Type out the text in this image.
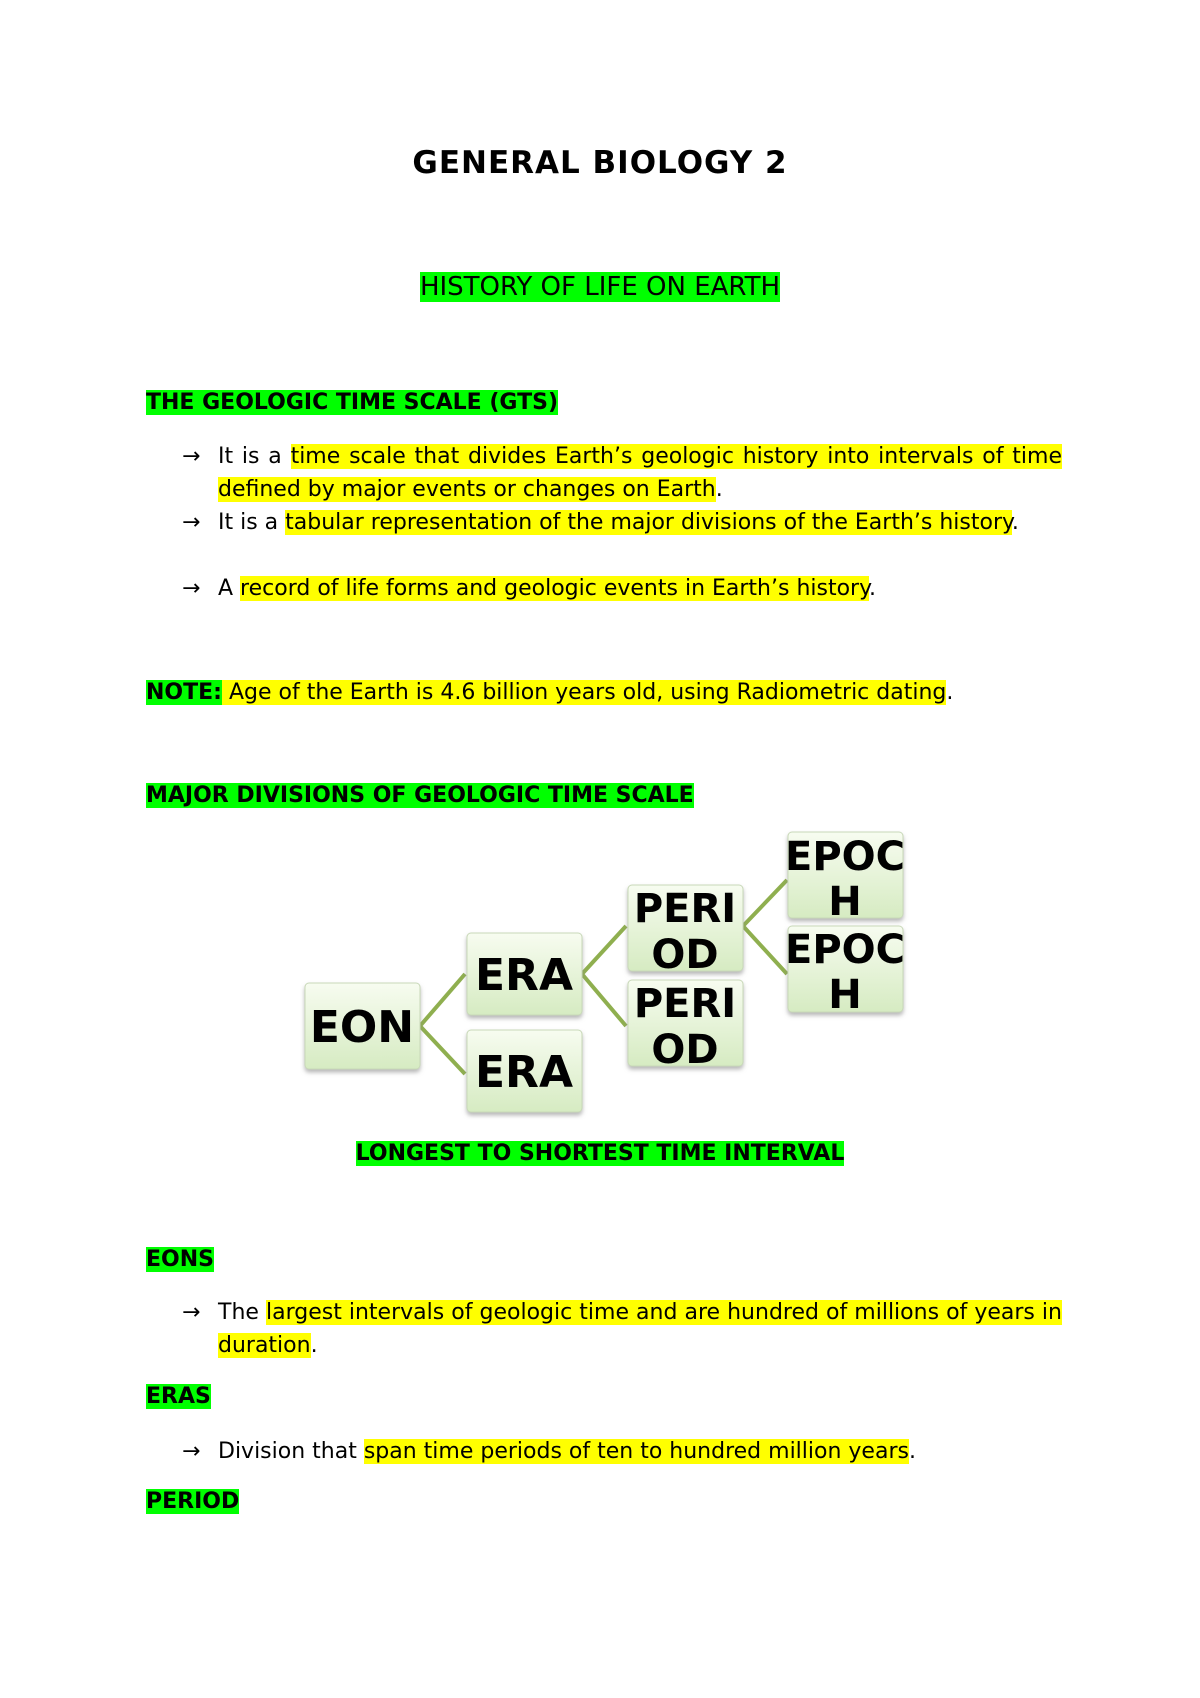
GENERAL BIOLOGY 2
HISTORY OF LIFE ON EARTH
THE GEOLOGIC TIME SCALE (GTS)
→ It is a time scale that divides Earth’s geologic history into intervals of time defined by major events or changes on Earth.
→ It is a tabular representation of the major divisions of the Earth’s history.
→ A record of life forms and geologic events in Earth’s history.
NOTE: Age of the Earth is 4.6 billion years old, using Radiometric dating.
MAJOR DIVISIONS OF GEOLOGIC TIME SCALE
EON
ERA
ERA
PERI
OD
PERI
OD
EPOC
H
EPOC
H
LONGEST TO SHORTEST TIME INTERVAL
EONS
→ The largest intervals of geologic time and are hundred of millions of years in duration.
ERAS
→ Division that span time periods of ten to hundred million years.
PERIOD
